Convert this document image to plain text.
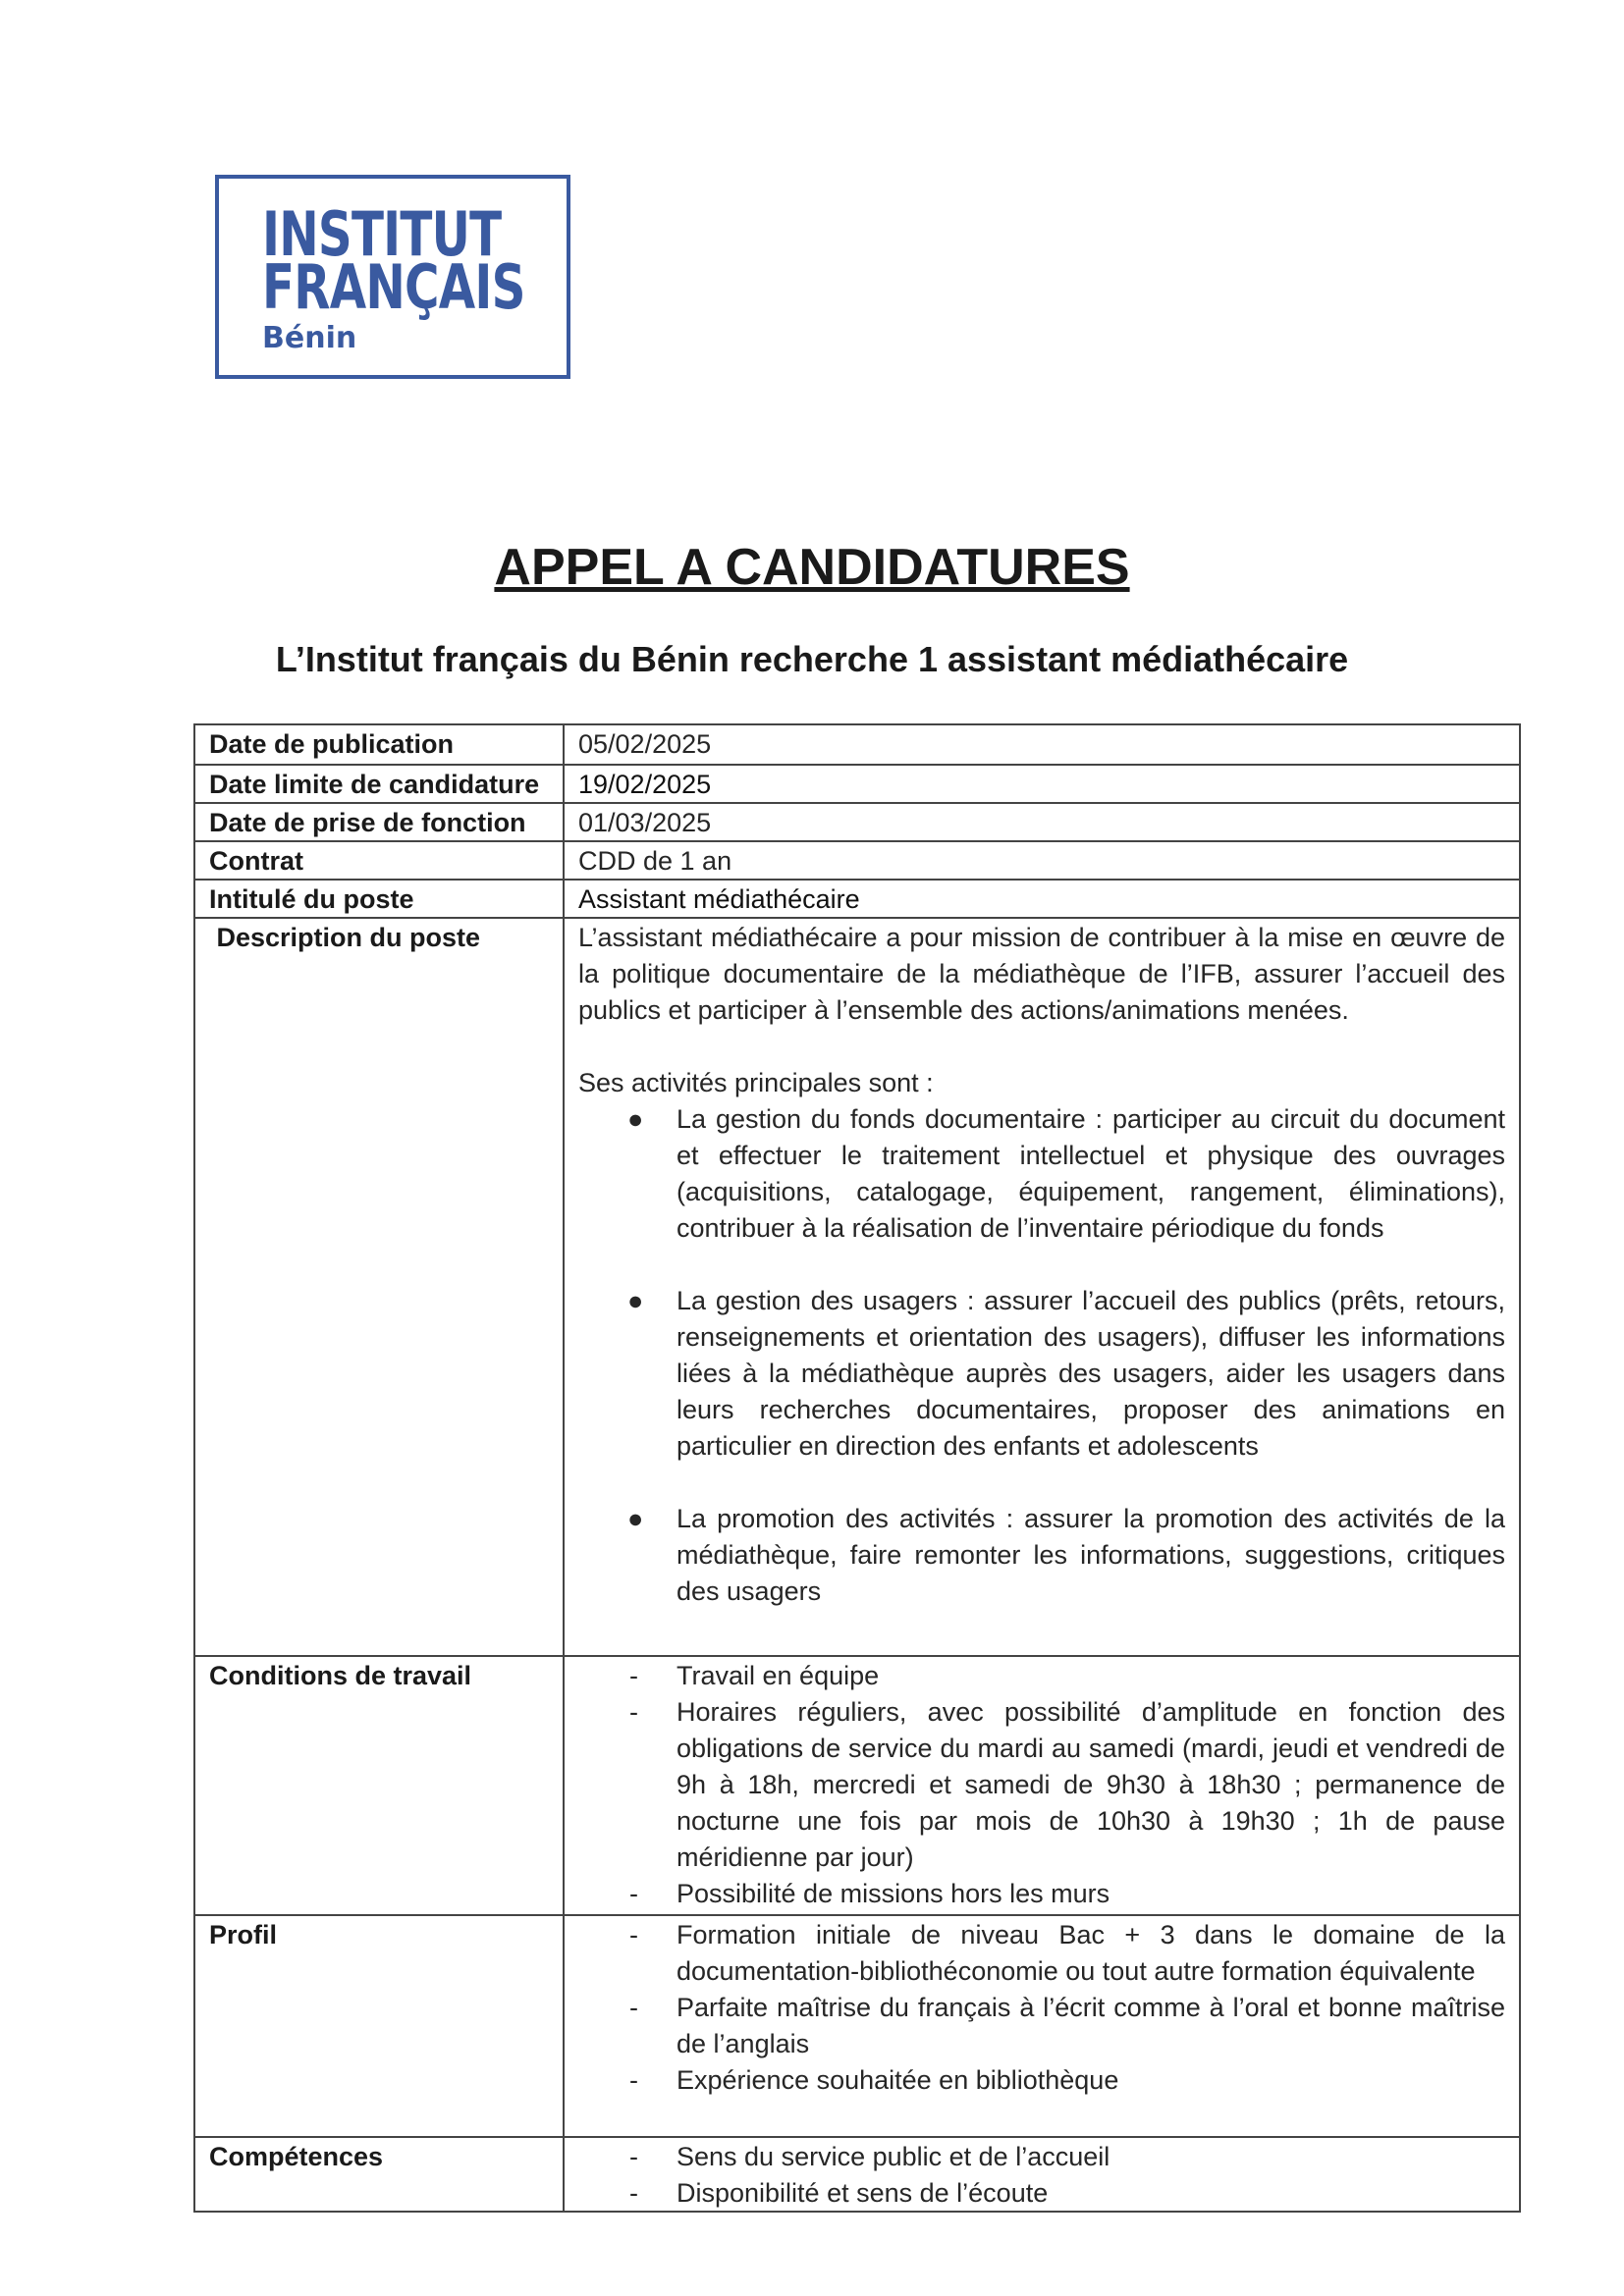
INSTITUT
FRANÇAIS
Bénin
APPEL A CANDIDATURES
L’Institut français du Bénin recherche 1 assistant médiathécaire
Date de publication	05/02/2025
Date limite de candidature	19/02/2025
Date de prise de fonction	01/03/2025
Contrat	CDD de 1 an
Intitulé du poste	Assistant médiathécaire
Description du poste	L’assistant médiathécaire a pour mission de contribuer à la mise en œuvre de la politique documentaire de la médiathèque de l’IFB, assurer l’accueil des publics et participer à l’ensemble des actions/animations menées.

Ses activités principales sont :

● La gestion du fonds documentaire : participer au circuit du document et effectuer le traitement intellectuel et physique des ouvrages (acquisitions, catalogage, équipement, rangement, éliminations), contribuer à la réalisation de l’inventaire périodique du fonds
● La gestion des usagers : assurer l’accueil des publics (prêts, retours, renseignements et orientation des usagers), diffuser les informations liées à la médiathèque auprès des usagers, aider les usagers dans leurs recherches documentaires, proposer des animations en particulier en direction des enfants et adolescents
● La promotion des activités : assurer la promotion des activités de la médiathèque, faire remonter les informations, suggestions, critiques des usagers
Conditions de travail	- Travail en équipe
- Horaires réguliers, avec possibilité d’amplitude en fonction des obligations de service du mardi au samedi (mardi, jeudi et vendredi de 9h à 18h, mercredi et samedi de 9h30 à 18h30 ; permanence de nocturne une fois par mois de 10h30 à 19h30 ; 1h de pause méridienne par jour)
- Possibilité de missions hors les murs
Profil	- Formation initiale de niveau Bac + 3 dans le domaine de la documentation-bibliothéconomie ou tout autre formation équivalente
- Parfaite maîtrise du français à l’écrit comme à l’oral et bonne maîtrise de l’anglais
- Expérience souhaitée en bibliothèque
Compétences	- Sens du service public et de l’accueil
- Disponibilité et sens de l’écoute
